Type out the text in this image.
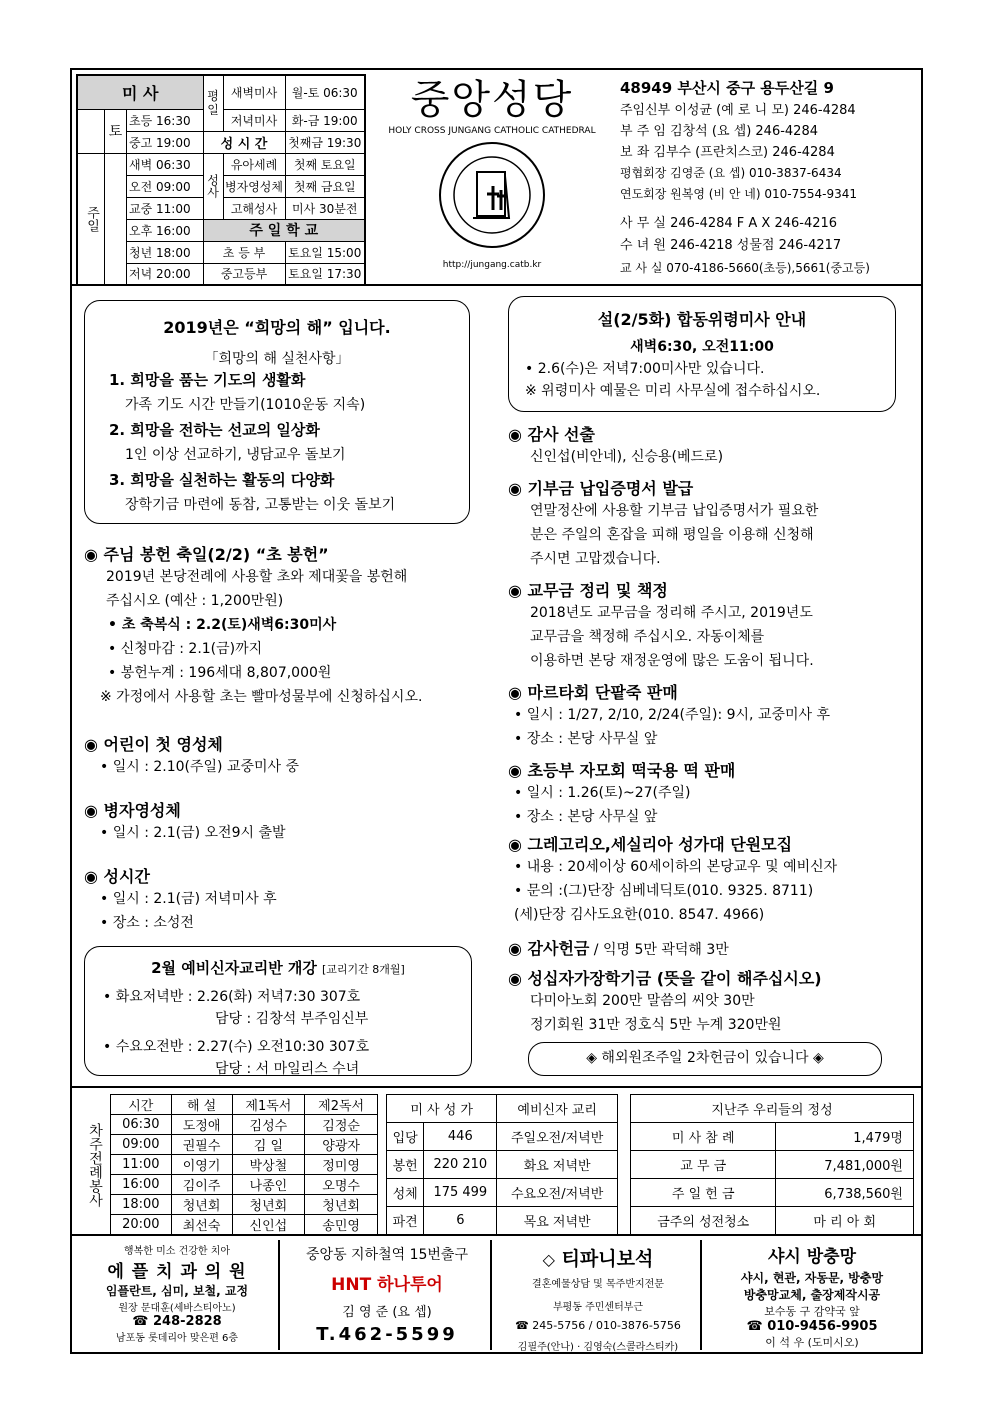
미 사			평일	새벽미사	월-토 06:30
	토	초등 16:30		저녁미사	화-금 19:00
		중고 19:00	성 시 간		첫째금 19:30
주일		새벽 06:30	성사	유아세례	첫째 토요일
		오전 09:00		병자영성체	첫째 금요일
		교중 11:00		고해성사	미사 30분전
		오후 16:00	주 일 학 교		
		청년 18:00	초 등 부		토요일 15:00
		저녁 20:00	중고등부		토요일 17:30
중앙성당
HOLY CROSS JUNGANG CATHOLIC CATHEDRAL
http://jungang.catb.kr
48949 부산시 중구 용두산길 9
주임신부 이성균 (예 로 니 모) 246-4284
부 주 임 김창석 (요 셉) 246-4284
보 좌 김부수 (프란치스코) 246-4284
평협회장 김영준 (요 셉) 010-3837-6434
연도회장 원복영 (비 안 네) 010-7554-9341
사 무 실 246-4284 F A X 246-4216
수 녀 원 246-4218 성물점 246-4217
교 사 실 070-4186-5660(초등),5661(중고등)
2019년은 “희망의 해” 입니다.
「희망의 해 실천사항」
1. 희망을 품는 기도의 생활화
가족 기도 시간 만들기(1010운동 지속)
2. 희망을 전하는 선교의 일상화
1인 이상 선교하기, 냉담교우 돌보기
3. 희망을 실천하는 활동의 다양화
장학기금 마련에 동참, 고통받는 이웃 돌보기
설(2/5화) 합동위령미사 안내
새벽6:30, 오전11:00
• 2.6(수)은 저녁7:00미사만 있습니다.
※ 위령미사 예물은 미리 사무실에 접수하십시오.
◉ 주님 봉헌 축일(2/2) “초 봉헌”
2019년 본당전례에 사용할 초와 제대꽃을 봉헌해
주십시오 (예산 : 1,200만원)
• 초 축복식 : 2.2(토)새벽6:30미사
• 신청마감 : 2.1(금)까지
• 봉헌누계 : 196세대 8,807,000원
※ 가정에서 사용할 초는 빨마성물부에 신청하십시오.
◉ 어린이 첫 영성체
• 일시 : 2.10(주일) 교중미사 중
◉ 병자영성체
• 일시 : 2.1(금) 오전9시 출발
◉ 성시간
• 일시 : 2.1(금) 저녁미사 후
• 장소 : 소성전
2월 예비신자교리반 개강 [교리기간 8개월]
• 화요저녁반 : 2.26(화) 저녁7:30 307호
담당 : 김창석 부주임신부
• 수요오전반 : 2.27(수) 오전10:30 307호
담당 : 서 마일리스 수녀
◉ 감사 선출
신인섭(비안네), 신승용(베드로)
◉ 기부금 납입증명서 발급
연말정산에 사용할 기부금 납입증명서가 필요한
분은 주일의 혼잡을 피해 평일을 이용해 신청해
주시면 고맙겠습니다.
◉ 교무금 정리 및 책정
2018년도 교무금을 정리해 주시고, 2019년도
교무금을 책정해 주십시오. 자동이체를
이용하면 본당 재정운영에 많은 도움이 됩니다.
◉ 마르타회 단팥죽 판매
• 일시 : 1/27, 2/10, 2/24(주일): 9시, 교중미사 후
• 장소 : 본당 사무실 앞
◉ 초등부 자모회 떡국용 떡 판매
• 일시 : 1.26(토)~27(주일)
• 장소 : 본당 사무실 앞
◉ 그레고리오,세실리아 성가대 단원모집
• 내용 : 20세이상 60세이하의 본당교우 및 예비신자
• 문의 :(그)단장 심베네딕토(010. 9325. 8711)
(세)단장 김사도요한(010. 8547. 4966)
◉ 감사헌금 / 익명 5만 곽덕해 3만
◉ 성십자가장학기금 (뜻을 같이 해주십시오)
다미아노회 200만 말씀의 씨앗 30만
정기회원 31만 정호식 5만 누계 320만원
◈ 해외원조주일 2차헌금이 있습니다 ◈
차주전례봉사
시간	해 설	제1독서	제2독서
06:30	도정애	김성수	김정순
09:00	권필수	김 일	양광자
11:00	이영기	박상철	정미영
16:00	김이주	나종인	오명수
18:00	청년회	청년회	청년회
20:00	최선숙	신인섭	송민영
미 사 성 가		예비신자 교리
입당	446	주일오전/저녁반
봉헌	220 210	화요 저녁반
성체	175 499	수요오전/저녁반
파견	6	목요 저녁반
지난주 우리들의 정성	
미 사 참 례	1,479명
교 무 금	7,481,000원
주 일 헌 금	6,738,560원
금주의 성전청소	마 리 아 회
행복한 미소 건강한 치아
에 플 치 과 의 원
임플란트, 심미, 보철, 교정
원장 문대훈(세바스티아노)
☎ 248-2828
남포동 롯데리아 맞은편 6층
중앙동 지하철역 15번출구
HNT 하나투어
김 영 준 (요 셉)
T.462-5599
◇ 티파니보석
결혼예물상담 및 목주반지전문
부평동 주민센터부근
☎ 245-5756 / 010-3876-5756
김필주(안나) · 김영숙(스콜라스티카)
샤시 방충망
샤시, 현관, 자동문, 방충망
방충망교체, 출장제작시공
보수동 구 감약국 앞
☎ 010-9456-9905
이 석 우 (도미시오)
